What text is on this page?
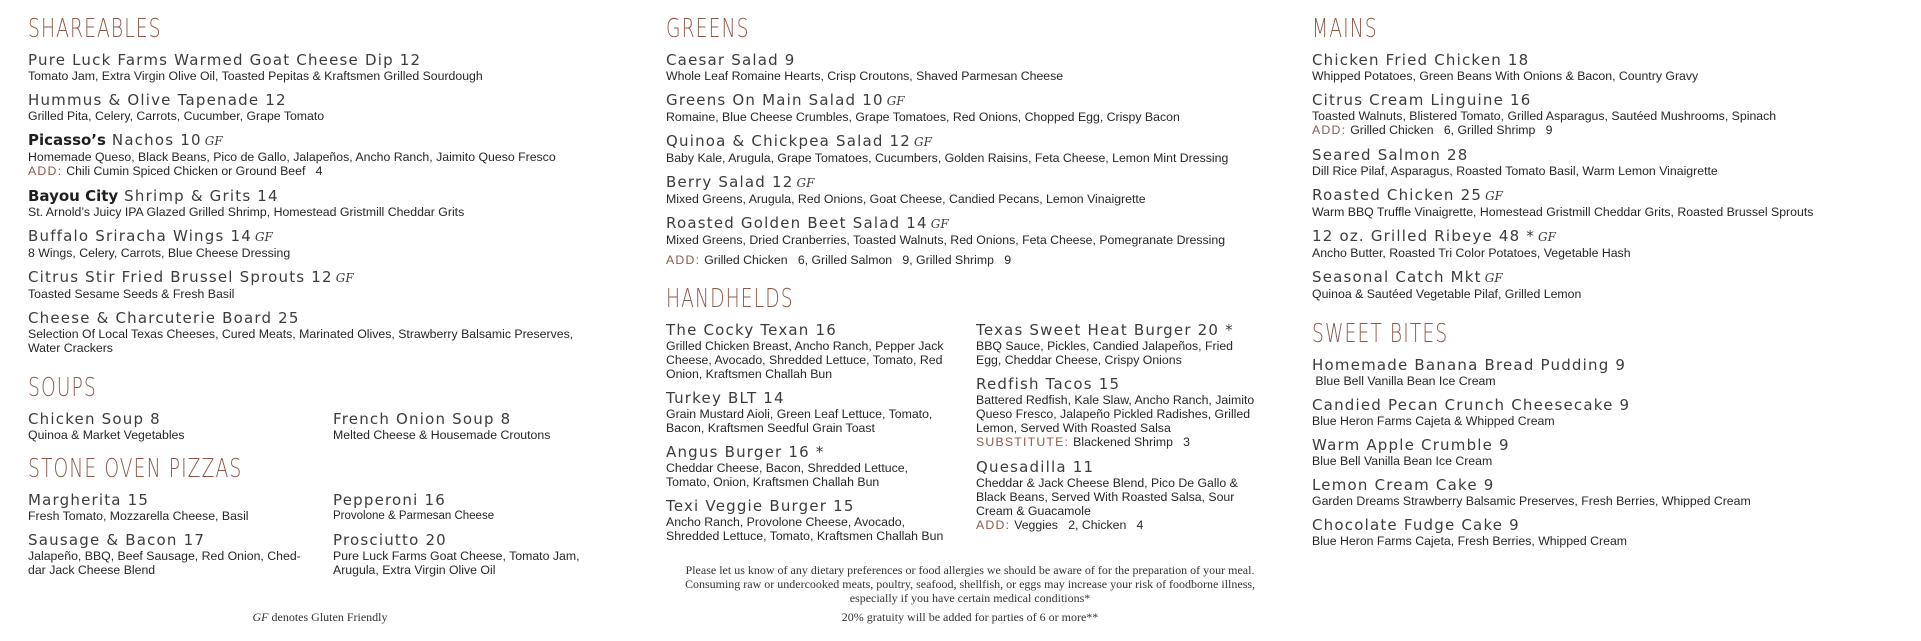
SHAREABLES
Pure Luck Farms Warmed Goat Cheese Dip 12
Tomato Jam, Extra Virgin Olive Oil, Toasted Pepitas & Kraftsmen Grilled Sourdough
Hummus & Olive Tapenade 12
Grilled Pita, Celery, Carrots, Cucumber, Grape Tomato
Picasso’s Nachos 10 GF
Homemade Queso, Black Beans, Pico de Gallo, Jalapeños, Ancho Ranch, Jaimito Queso Fresco
ADD: Chili Cumin Spiced Chicken or Ground Beef   4
Bayou City Shrimp & Grits 14
St. Arnold’s Juicy IPA Glazed Grilled Shrimp, Homestead Gristmill Cheddar Grits
Buffalo Sriracha Wings 14 GF
8 Wings, Celery, Carrots, Blue Cheese Dressing
Citrus Stir Fried Brussel Sprouts 12 GF
Toasted Sesame Seeds & Fresh Basil
Cheese & Charcuterie Board 25
Selection Of Local Texas Cheeses, Cured Meats, Marinated Olives, Strawberry Balsamic Preserves, Water Crackers
SOUPS
Chicken Soup 8
Quinoa & Market Vegetables
French Onion Soup 8
Melted Cheese & Housemade Croutons
STONE OVEN PIZZAS
Margherita 15
Fresh Tomato, Mozzarella Cheese, Basil
Sausage & Bacon 17
Jalapeño, BBQ, Beef Sausage, Red Onion, Ched-dar Jack Cheese Blend
Pepperoni 16
Provolone & Parmesan Cheese
Prosciutto 20
Pure Luck Farms Goat Cheese, Tomato Jam, Arugula, Extra Virgin Olive Oil
GF denotes Gluten Friendly
GREENS
Caesar Salad 9
Whole Leaf Romaine Hearts, Crisp Croutons, Shaved Parmesan Cheese
Greens On Main Salad 10 GF
Romaine, Blue Cheese Crumbles, Grape Tomatoes, Red Onions, Chopped Egg, Crispy Bacon
Quinoa & Chickpea Salad 12 GF
Baby Kale, Arugula, Grape Tomatoes, Cucumbers, Golden Raisins, Feta Cheese, Lemon Mint Dressing
Berry Salad 12 GF
Mixed Greens, Arugula, Red Onions, Goat Cheese, Candied Pecans, Lemon Vinaigrette
Roasted Golden Beet Salad 14 GF
Mixed Greens, Dried Cranberries, Toasted Walnuts, Red Onions, Feta Cheese, Pomegranate Dressing
ADD: Grilled Chicken   6, Grilled Salmon   9, Grilled Shrimp   9
HANDHELDS
The Cocky Texan 16
Grilled Chicken Breast, Ancho Ranch, Pepper Jack Cheese, Avocado, Shredded Lettuce, Tomato, Red Onion, Kraftsmen Challah Bun
Turkey BLT 14
Grain Mustard Aioli, Green Leaf Lettuce, Tomato, Bacon, Kraftsmen Seedful Grain Toast
Angus Burger 16 *
Cheddar Cheese, Bacon, Shredded Lettuce, Tomato, Onion, Kraftsmen Challah Bun
Texi Veggie Burger 15
Ancho Ranch, Provolone Cheese, Avocado, Shredded Lettuce, Tomato, Kraftsmen Challah Bun
Texas Sweet Heat Burger 20 *
BBQ Sauce, Pickles, Candied Jalapeños, Fried Egg, Cheddar Cheese, Crispy Onions
Redfish Tacos 15
Battered Redfish, Kale Slaw, Ancho Ranch, Jaimito Queso Fresco, Jalapeño Pickled Radishes, Grilled Lemon, Served With Roasted Salsa
SUBSTITUTE: Blackened Shrimp   3
Quesadilla 11
Cheddar & Jack Cheese Blend, Pico De Gallo & Black Beans, Served With Roasted Salsa, Sour Cream & Guacamole
ADD: Veggies   2, Chicken   4
Please let us know of any dietary preferences or food allergies we should be aware of for the preparation of your meal. Consuming raw or undercooked meats, poultry, seafood, shellfish, or eggs may increase your risk of foodborne illness, especially if you have certain medical conditions*
20% gratuity will be added for parties of 6 or more**
MAINS
Chicken Fried Chicken 18
Whipped Potatoes, Green Beans With Onions & Bacon, Country Gravy
Citrus Cream Linguine 16
Toasted Walnuts, Blistered Tomato, Grilled Asparagus, Sautéed Mushrooms, Spinach
ADD: Grilled Chicken   6, Grilled Shrimp   9
Seared Salmon 28
Dill Rice Pilaf, Asparagus, Roasted Tomato Basil, Warm Lemon Vinaigrette
Roasted Chicken 25 GF
Warm BBQ Truffle Vinaigrette, Homestead Gristmill Cheddar Grits, Roasted Brussel Sprouts
12 oz. Grilled Ribeye 48 * GF
Ancho Butter, Roasted Tri Color Potatoes, Vegetable Hash
Seasonal Catch Mkt GF
Quinoa & Sautéed Vegetable Pilaf, Grilled Lemon
SWEET BITES
Homemade Banana Bread Pudding 9
Blue Bell Vanilla Bean Ice Cream
Candied Pecan Crunch Cheesecake 9
Blue Heron Farms Cajeta & Whipped Cream
Warm Apple Crumble 9
Blue Bell Vanilla Bean Ice Cream
Lemon Cream Cake 9
Garden Dreams Strawberry Balsamic Preserves, Fresh Berries, Whipped Cream
Chocolate Fudge Cake 9
Blue Heron Farms Cajeta, Fresh Berries, Whipped Cream
